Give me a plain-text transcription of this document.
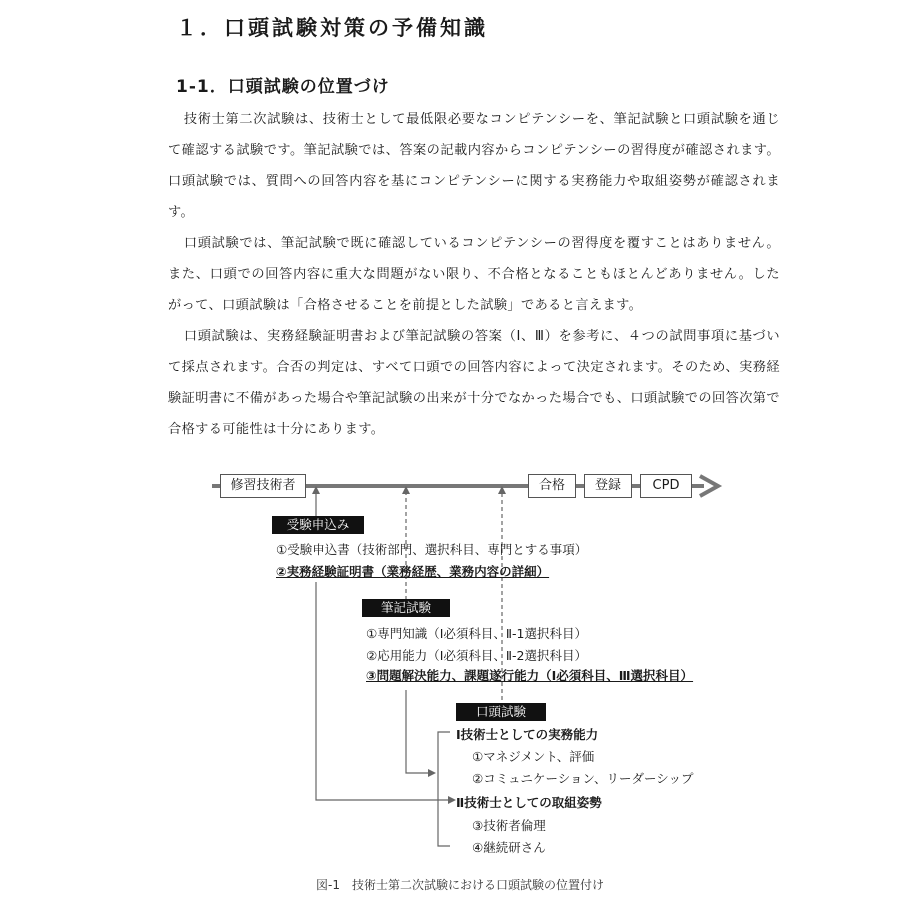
１．口頭試験対策の予備知識
1-1．口頭試験の位置づけ

技術士第二次試験は、技術士として最低限必要なコンピテンシーを、筆記試験と口頭試験を通じて確認する試験です。筆記試験では、答案の記載内容からコンピテンシーの習得度が確認されます。口頭試験では、質問への回答内容を基にコンピテンシーに関する実務能力や取組姿勢が確認されます。

口頭試験では、筆記試験で既に確認しているコンピテンシーの習得度を覆すことはありません。また、口頭での回答内容に重大な問題がない限り、不合格となることもほとんどありません。したがって、口頭試験は「合格させることを前提とした試験」であると言えます。

口頭試験は、実務経験証明書および筆記試験の答案（Ⅰ、Ⅲ）を参考に、４つの試問事項に基づいて採点されます。合否の判定は、すべて口頭での回答内容によって決定されます。そのため、実務経験証明書に不備があった場合や筆記試験の出来が十分でなかった場合でも、口頭試験での回答次第で合格する可能性は十分にあります。

修習技術者	合格	登録	CPD
受験申込み
①受験申込書（技術部門、選択科目、専門とする事項）
②実務経験証明書（業務経歴、業務内容の詳細）
筆記試験
①専門知識（Ⅰ必須科目、Ⅱ-1選択科目）
②応用能力（Ⅰ必須科目、Ⅱ-2選択科目）
③問題解決能力、課題遂行能力（Ⅰ必須科目、Ⅲ選択科目）
口頭試験
Ⅰ技術士としての実務能力
①マネジメント、評価
②コミュニケーション、リーダーシップ
Ⅱ技術士としての取組姿勢
③技術者倫理
④継続研さん
図-1　技術士第二次試験における口頭試験の位置付け
